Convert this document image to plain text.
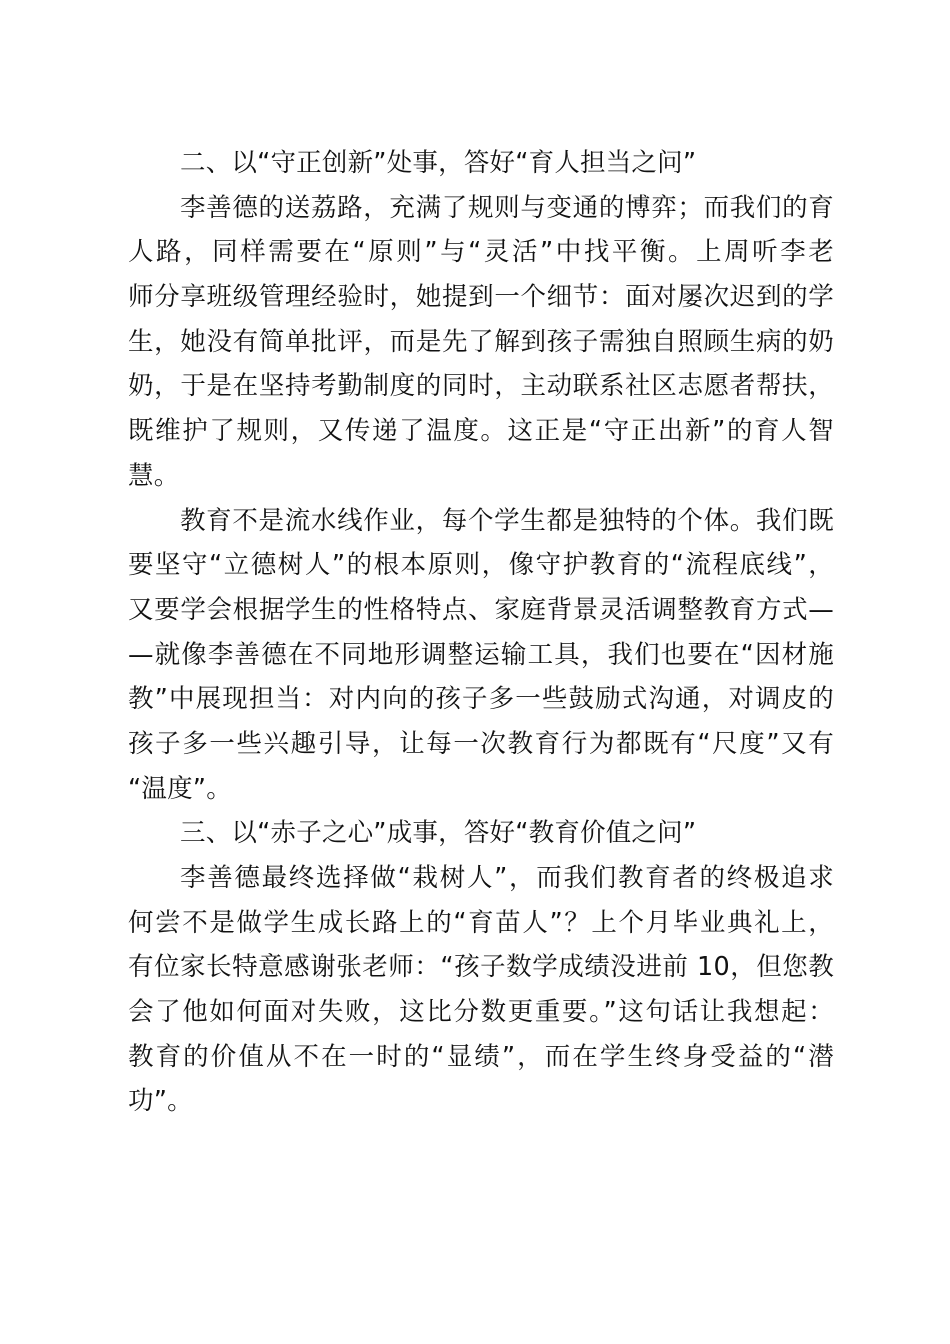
二、以“守正创新”处事，答好“育人担当之问”
李善德的送荔路，充满了规则与变通的博弈；而我们的育
人路，同样需要在“原则”与“灵活”中找平衡。上周听李老
师分享班级管理经验时，她提到一个细节：面对屡次迟到的学
生，她没有简单批评，而是先了解到孩子需独自照顾生病的奶
奶，于是在坚持考勤制度的同时，主动联系社区志愿者帮扶，
既维护了规则，又传递了温度。这正是“守正出新”的育人智
慧。
教育不是流水线作业，每个学生都是独特的个体。我们既
要坚守“立德树人”的根本原则，像守护教育的“流程底线”，
又要学会根据学生的性格特点、家庭背景灵活调整教育方式—
—就像李善德在不同地形调整运输工具，我们也要在“因材施
教”中展现担当：对内向的孩子多一些鼓励式沟通，对调皮的
孩子多一些兴趣引导，让每一次教育行为都既有“尺度”又有
“温度”。
三、以“赤子之心”成事，答好“教育价值之问”
李善德最终选择做“栽树人”，而我们教育者的终极追求
何尝不是做学生成长路上的“育苗人”？上个月毕业典礼上，
有位家长特意感谢张老师：“孩子数学成绩没进前 10，但您教
会了他如何面对失败，这比分数更重要。”这句话让我想起：
教育的价值从不在一时的“显绩”，而在学生终身受益的“潜
功”。
